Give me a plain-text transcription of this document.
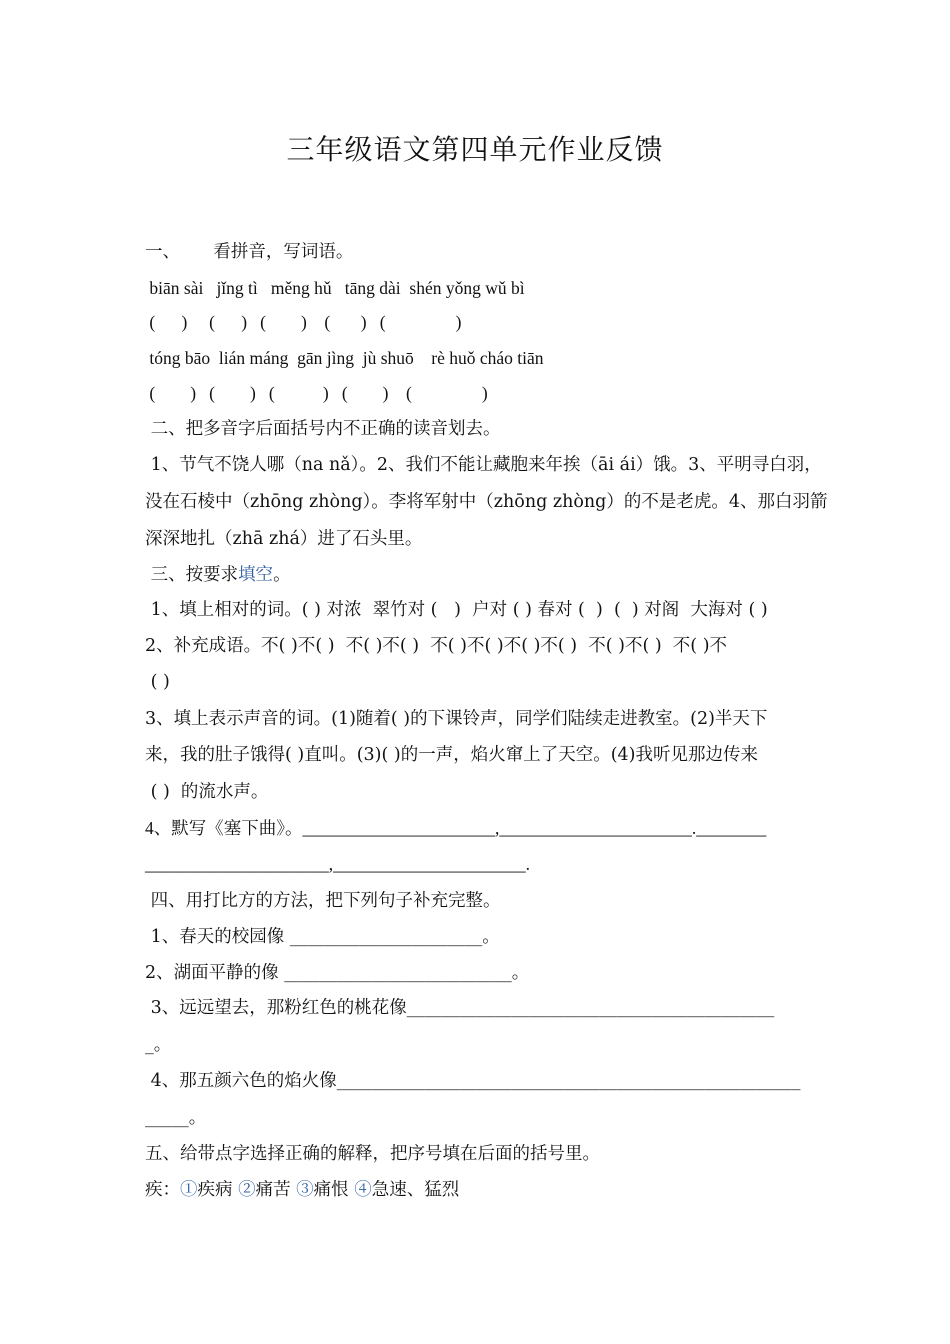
三年级语文第四单元作业反馈
一、      看拼音，写词语。
biān sài   jǐng tì   měng hǔ   tāng dài  shén yǒng wǔ bì
(      )     (      )   (        )    (       )   (                )
tóng bāo  lián máng  gān jìng  jù shuō    rè huǒ cháo tiān
(        )   (        )   (           )   (        )    (                )
二、把多音字后面括号内不正确的读音划去。
1、节气不饶人哪（na nǎ）。2、我们不能让藏胞来年挨（āi ái）饿。3、平明寻白羽，
没在石棱中（zhōng zhòng）。李将军射中（zhōng zhòng）的不是老虎。4、那白羽箭
深深地扎（zhā zhá）进了石头里。
三、按要求填空。
1、填上相对的词。( ) 对浓  翠竹对 (   )  户对 ( ) 春对 (  )  (  ) 对阁  大海对 ( )
2、补充成语。不( )不( )  不( )不( )  不( )不( )不( )不( )  不( )不( )  不( )不
( )
3、填上表示声音的词。(1)随着( )的下课铃声，同学们陆续走进教室。(2)半天下
来，我的肚子饿得( )直叫。(3)( )的一声，焰火窜上了天空。(4)我听见那边传来
( )  的流水声。
4、默写《塞下曲》。______________________,______________________.________
_____________________,______________________.
四、用打比方的方法，把下列句子补充完整。
1、春天的校园像 ______________________。
2、湖面平静的像 __________________________。
3、远远望去，那粉红色的桃花像__________________________________________
_。
4、那五颜六色的焰火像_____________________________________________________
_____。
五、给带点字选择正确的解释，把序号填在后面的括号里。
疾：①疾病 ②痛苦 ③痛恨 ④急速、猛烈
